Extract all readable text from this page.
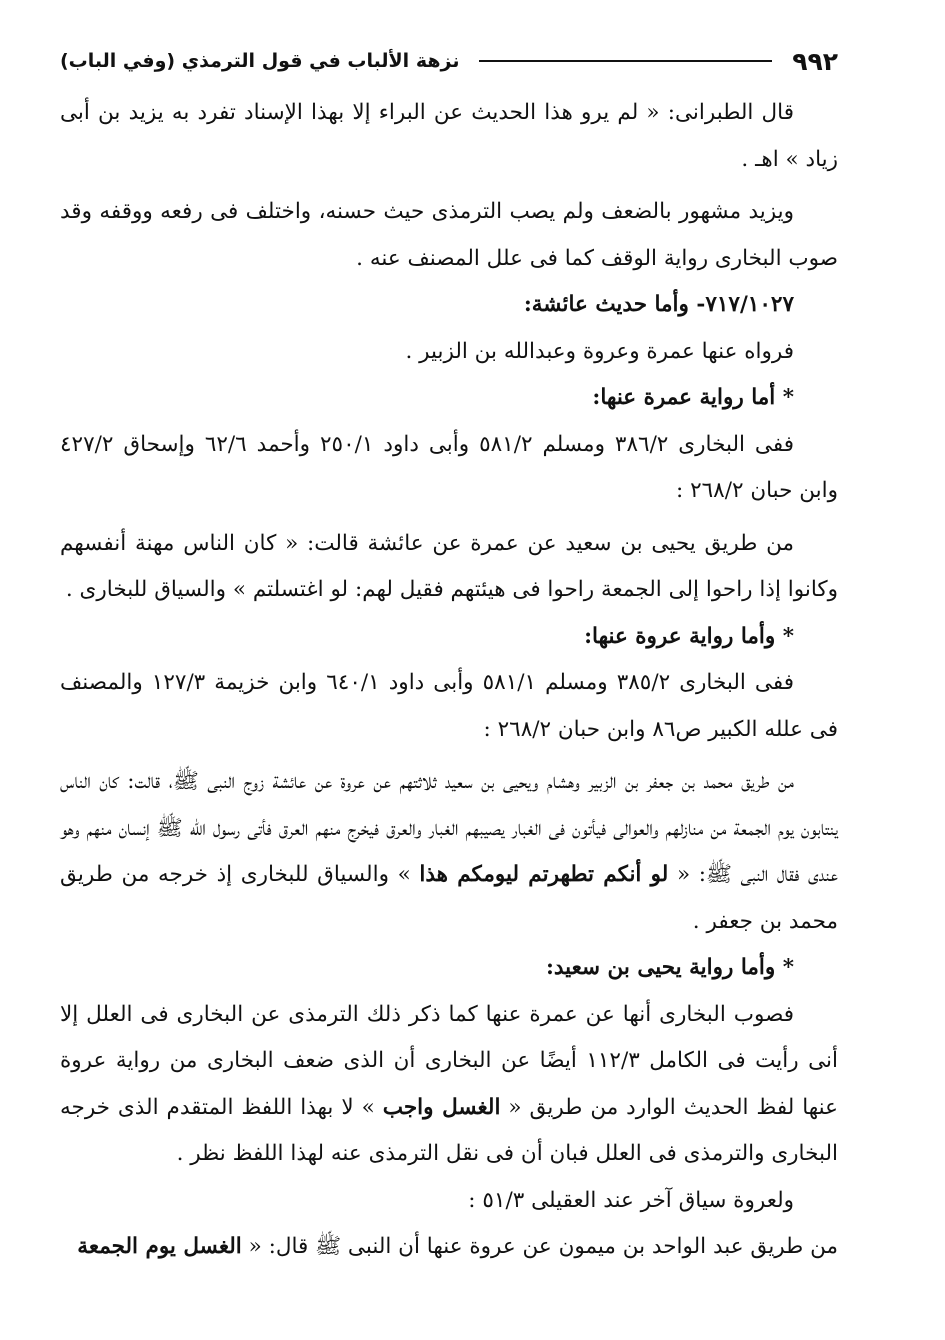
٩٩٢
نزهة الألباب في قول الترمذي (وفي الباب)

قال الطبرانى: « لم يرو هذا الحديث عن البراء إلا بهذا الإسناد تفرد به يزيد بن أبى زياد » اهـ .

ويزيد مشهور بالضعف ولم يصب الترمذى حيث حسنه، واختلف فى رفعه ووقفه وقد صوب البخارى رواية الوقف كما فى علل المصنف عنه .

٧١٧/١٠٢٧- وأما حديث عائشة:

فرواه عنها عمرة وعروة وعبدالله بن الزبير .

* أما رواية عمرة عنها:

ففى البخارى ٣٨٦/٢ ومسلم ٥٨١/٢ وأبى داود ٢٥٠/١ وأحمد ٦٢/٦ وإسحاق ٤٢٧/٢ وابن حبان ٢٦٨/٢ :

من طريق يحيى بن سعيد عن عمرة عن عائشة قالت: « كان الناس مهنة أنفسهم وكانوا إذا راحوا إلى الجمعة راحوا فى هيئتهم فقيل لهم: لو اغتسلتم » والسياق للبخارى .

* وأما رواية عروة عنها:

ففى البخارى ٣٨٥/٢ ومسلم ٥٨١/١ وأبى داود ٦٤٠/١ وابن خزيمة ١٢٧/٣ والمصنف فى علله الكبير ص٨٦ وابن حبان ٢٦٨/٢ :

من طريق محمد بن جعفر بن الزبير وهشام ويحيى بن سعيد ثلاثتهم عن عروة عن عائشة زوج النبى ﷺ، قالت: كان الناس ينتابون يوم الجمعة من منازلهم والعوالى فيأتون فى الغبار يصيبهم الغبار والعرق فيخرج منهم العرق فأتى رسول الله ﷺ إنسان منهم وهو عندى فقال النبى ﷺ: « لو أنكم تطهرتم ليومكم هذا » والسياق للبخارى إذ خرجه من طريق محمد بن جعفر .

* وأما رواية يحيى بن سعيد:

فصوب البخارى أنها عن عمرة عنها كما ذكر ذلك الترمذى عن البخارى فى العلل إلا أنى رأيت فى الكامل ١١٢/٣ أيضًا عن البخارى أن الذى ضعف البخارى من رواية عروة عنها لفظ الحديث الوارد من طريق « الغسل واجب » لا بهذا اللفظ المتقدم الذى خرجه البخارى والترمذى فى العلل فبان أن فى نقل الترمذى عنه لهذا اللفظ نظر .

ولعروة سياق آخر عند العقيلى ٥١/٣ :

من طريق عبد الواحد بن ميمون عن عروة عنها أن النبى ﷺ قال: « الغسل يوم الجمعة
